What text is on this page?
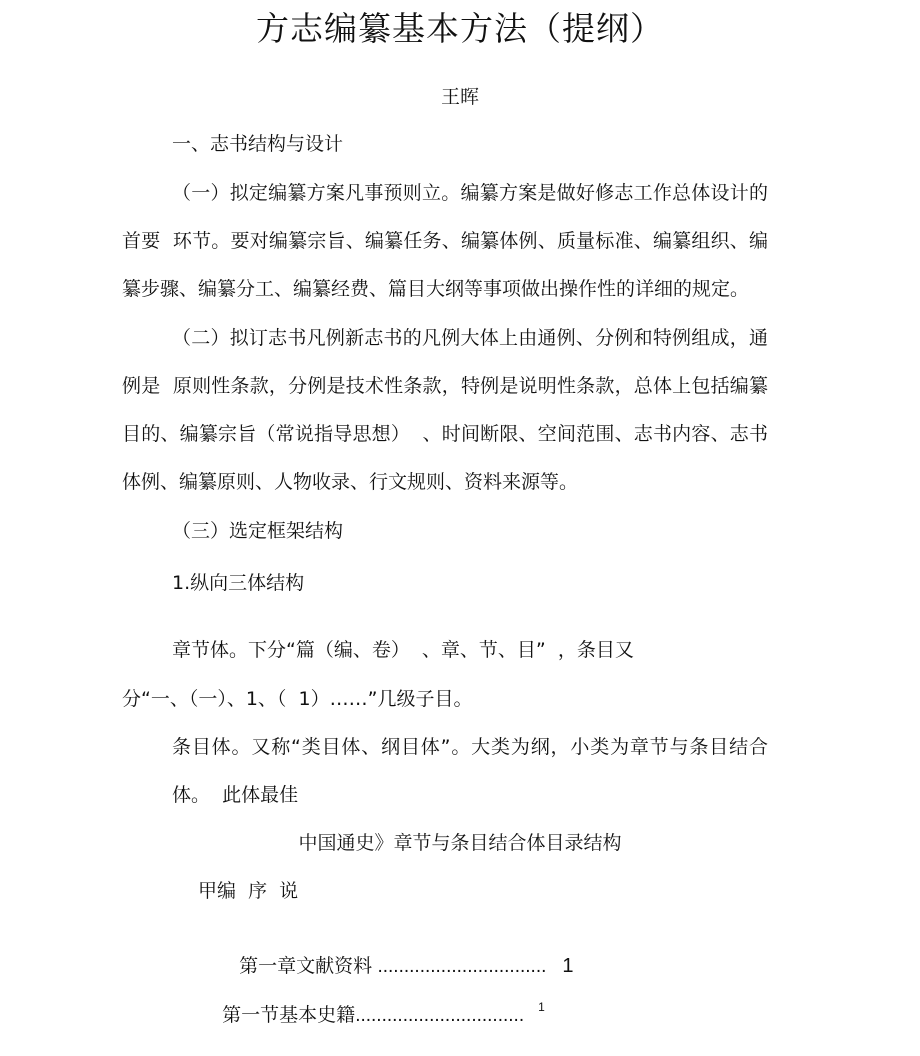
方志编纂基本方法（提纲）
王晖
一、志书结构与设计
（一）拟定编纂方案凡事预则立。编纂方案是做好修志工作总体设计的
首要  环节。要对编纂宗旨、编纂任务、编纂体例、质量标准、编纂组织、编
纂步骤、编纂分工、编纂经费、篇目大纲等事项做出操作性的详细的规定。
（二）拟订志书凡例新志书的凡例大体上由通例、分例和特例组成，通
例是  原则性条款，分例是技术性条款，特例是说明性条款，总体上包括编纂
目的、编纂宗旨（常说指导思想）  、时间断限、空间范围、志书内容、志书
体例、编纂原则、人物收录、行文规则、资料来源等。
（三）选定框架结构
1.纵向三体结构
章节体。下分“篇（编、卷）  、章、节、目”  ，条目又
分“一、（一）、1、（  1）……”几级子目。
条目体。又称“类目体、纲目体”。大类为纲，小类为章节与条目结合
体。  此体最佳
中国通史》章节与条目结合体目录结构
甲编  序  说

第一章文献资料 ................................ 1

第一节基本史籍................................ $^1$
